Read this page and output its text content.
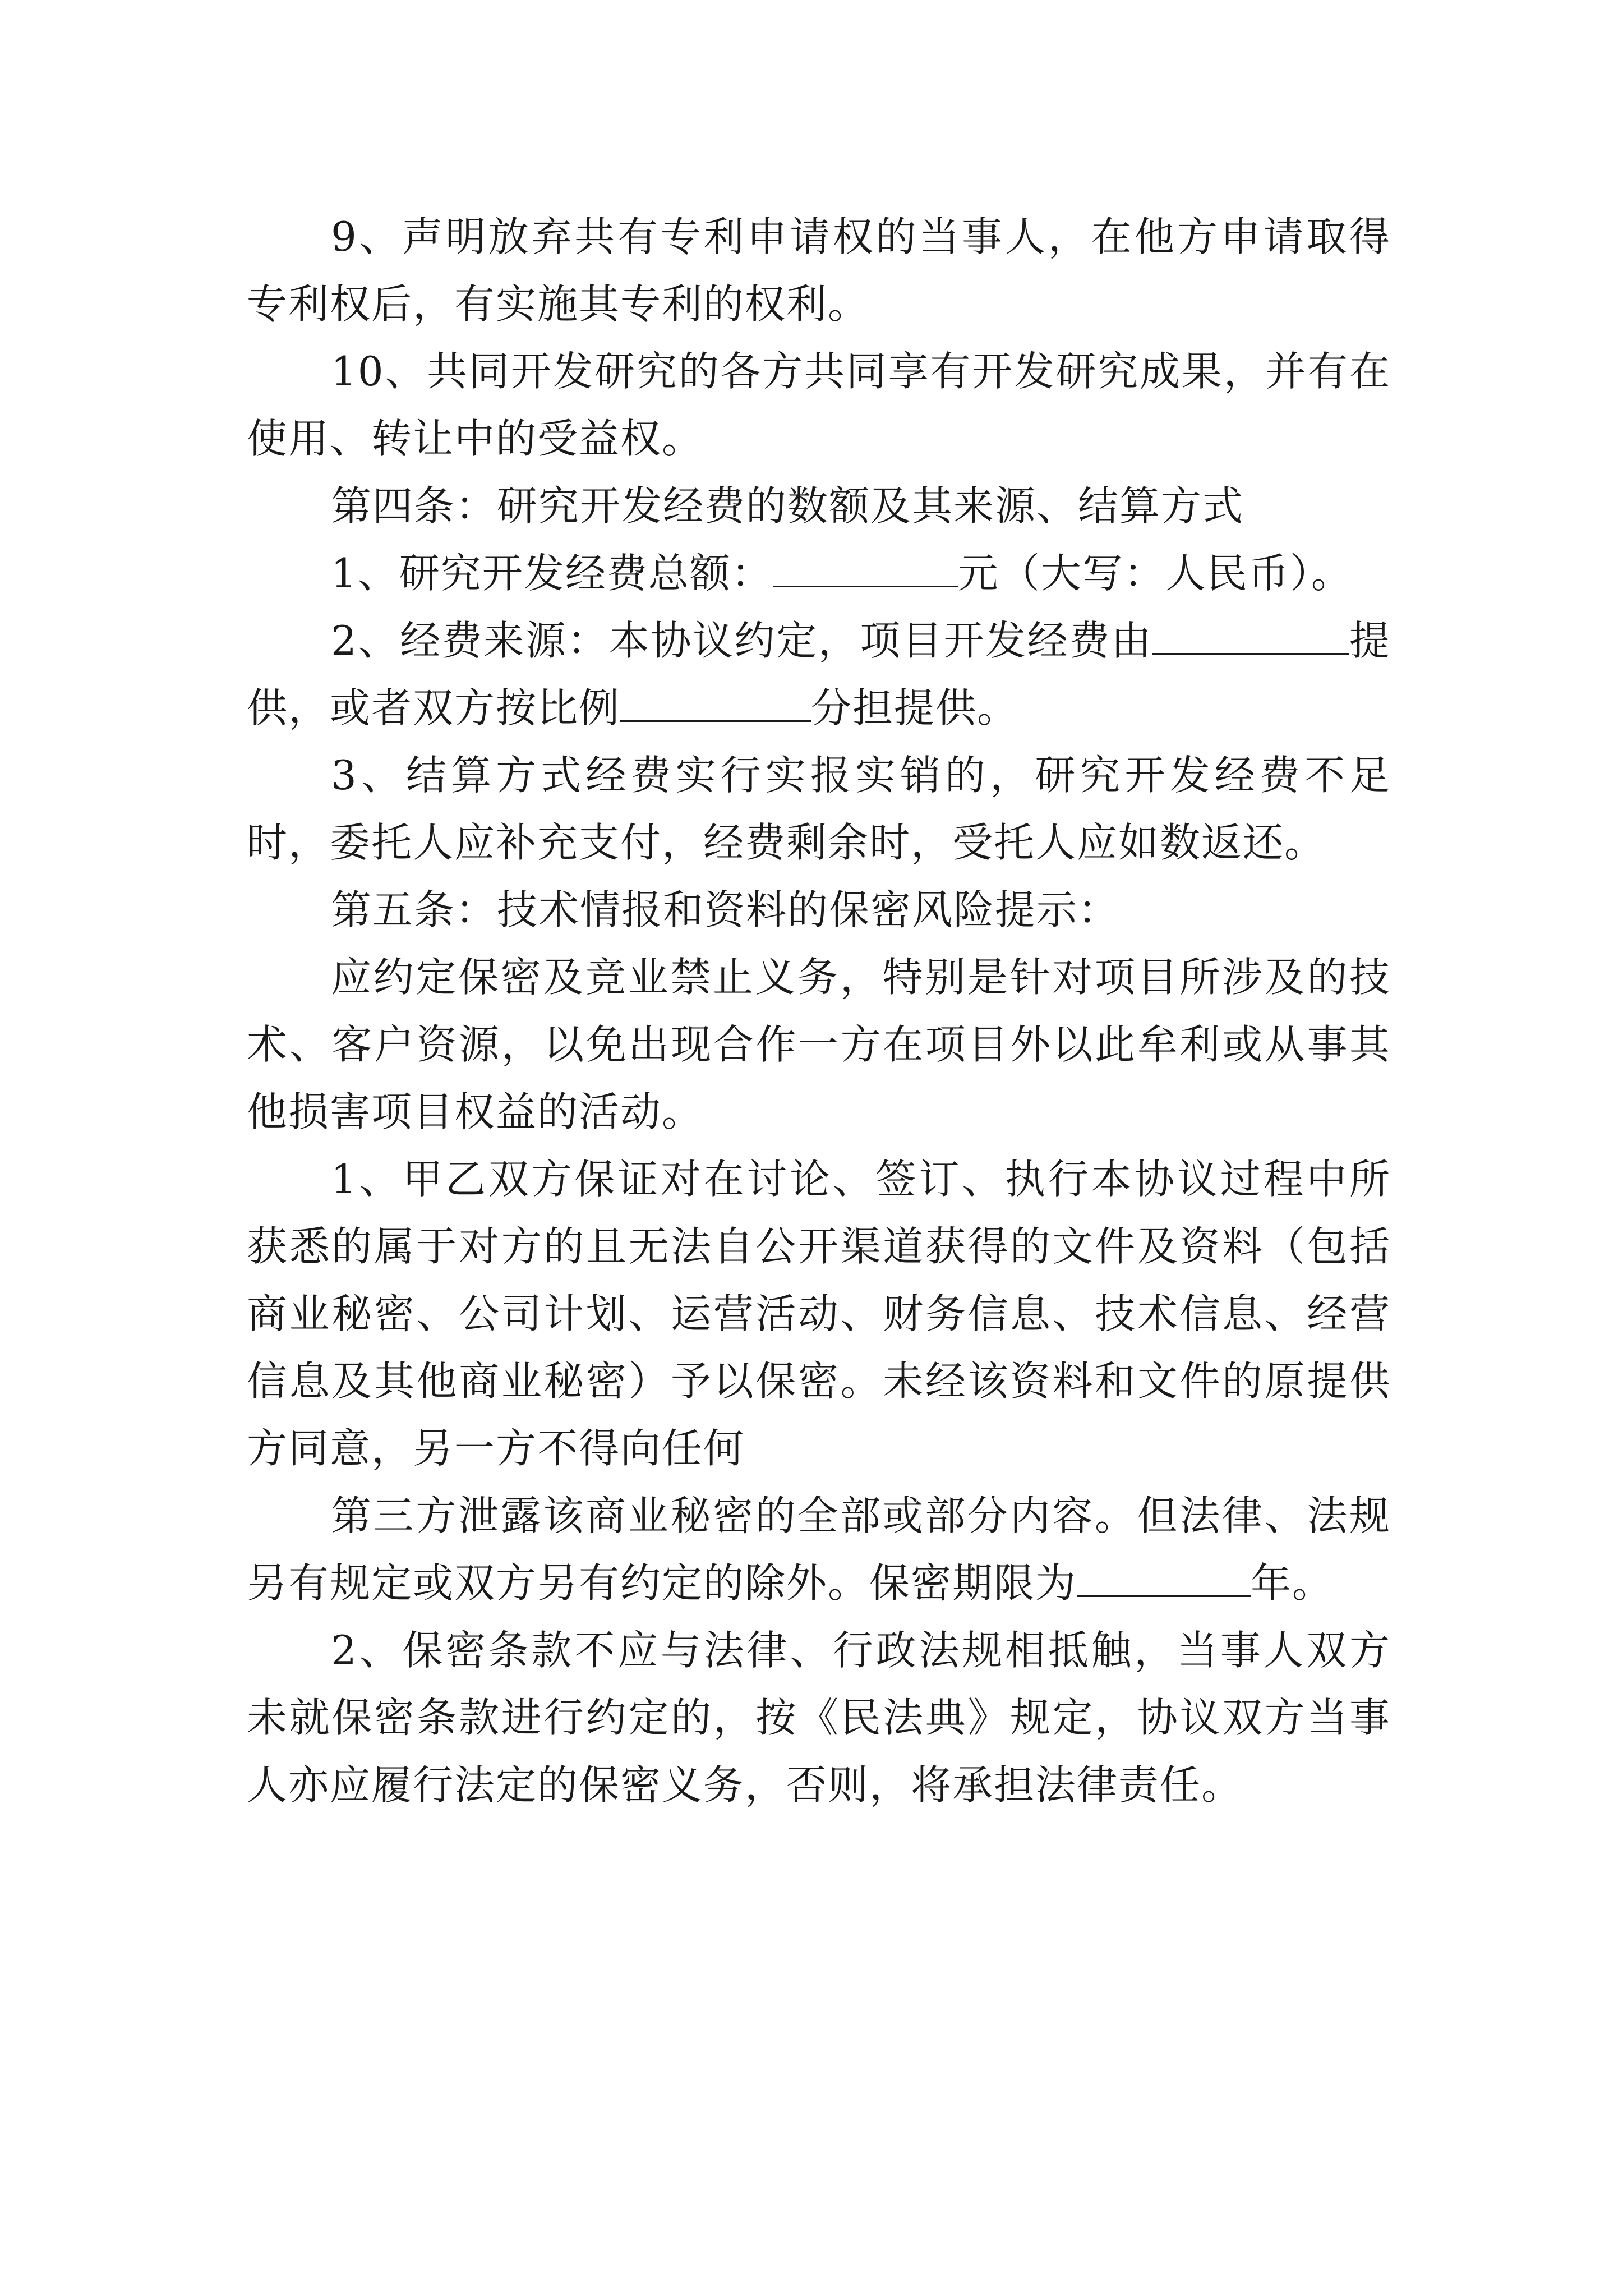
9、声明放弃共有专利申请权的当事人，在他方申请取得专利权后，有实施其专利的权利。

10、共同开发研究的各方共同享有开发研究成果，并有在使用、转让中的受益权。

第四条：研究开发经费的数额及其来源、结算方式

1、研究开发经费总额：	元（大写：人民币）。

2、经费来源：本协议约定，项目开发经费由	提供，或者双方按比例	分担提供。

3、结算方式经费实行实报实销的，研究开发经费不足时，委托人应补充支付，经费剩余时，受托人应如数返还。

第五条：技术情报和资料的保密风险提示：

应约定保密及竞业禁止义务，特别是针对项目所涉及的技术、客户资源，以免出现合作一方在项目外以此牟利或从事其他损害项目权益的活动。

1、甲乙双方保证对在讨论、签订、执行本协议过程中所获悉的属于对方的且无法自公开渠道获得的文件及资料（包括商业秘密、公司计划、运营活动、财务信息、技术信息、经营信息及其他商业秘密）予以保密。未经该资料和文件的原提供方同意，另一方不得向任何

第三方泄露该商业秘密的全部或部分内容。但法律、法规另有规定或双方另有约定的除外。保密期限为	年。

2、保密条款不应与法律、行政法规相抵触，当事人双方未就保密条款进行约定的，按《民法典》规定，协议双方当事人亦应履行法定的保密义务，否则，将承担法律责任。
